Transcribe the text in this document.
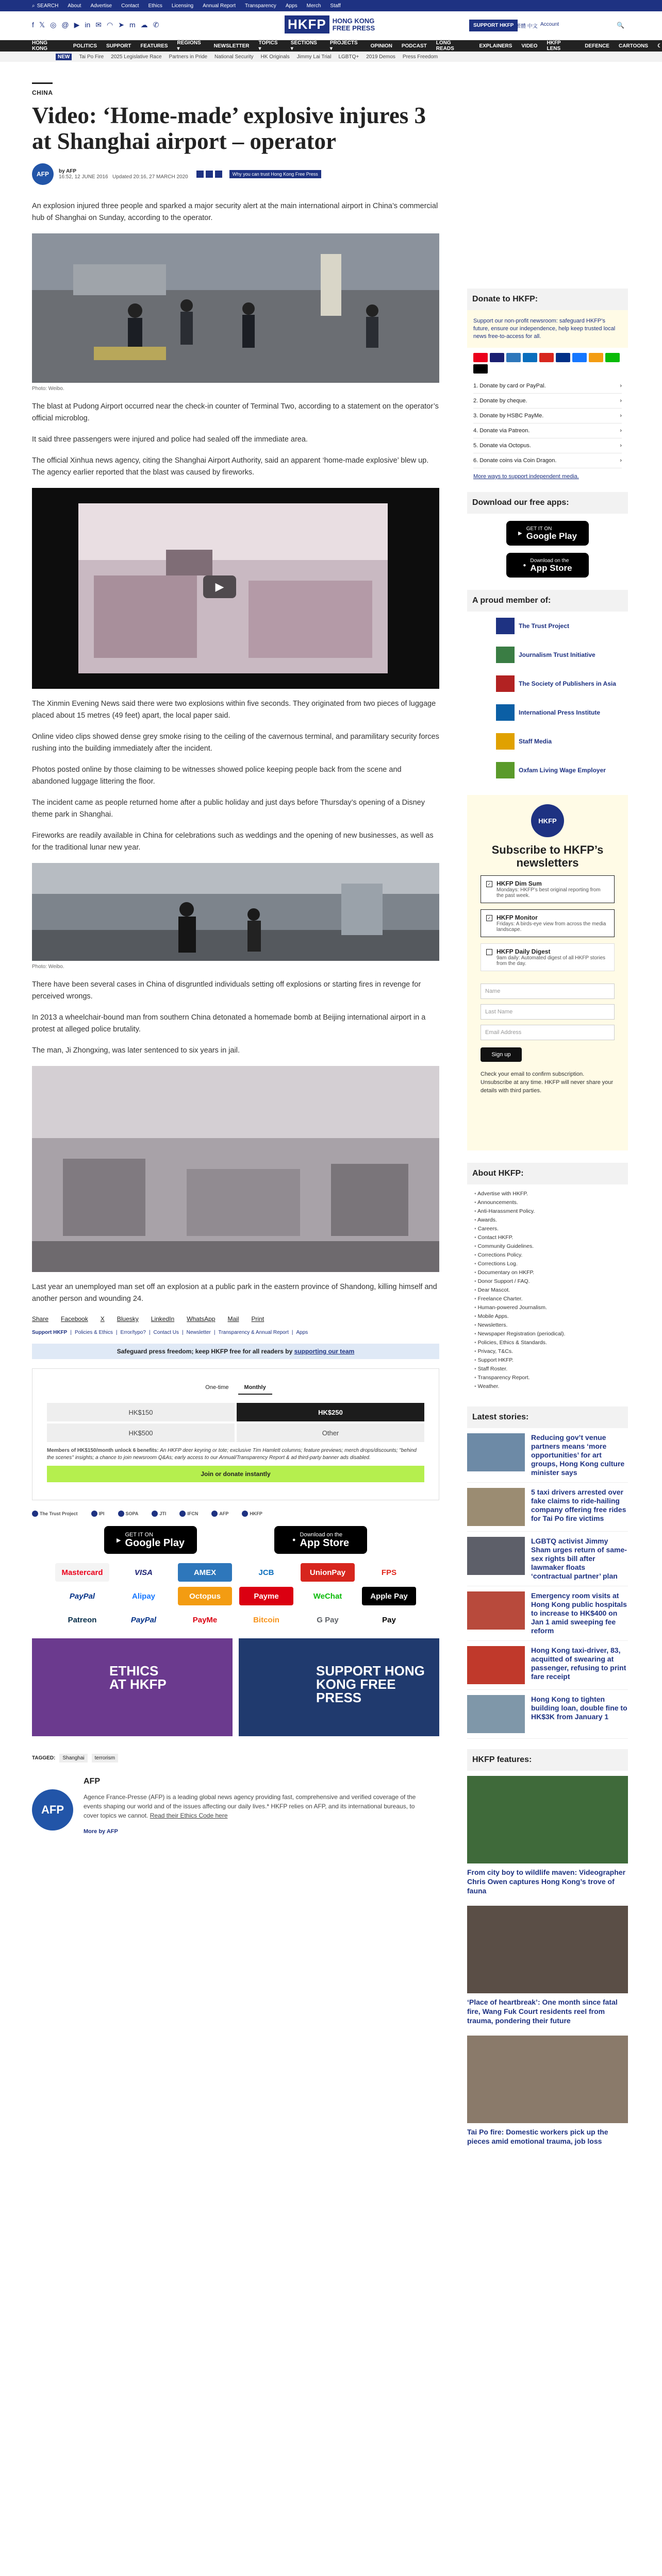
⌕ SEARCH About Advertise Contact Ethics Licensing Annual Report Transparency Apps Merch Staff
f 𝕏 ◎ @ ▶ in ✉ ◠ ➤ m ☁ ✆	HKFP HONG KONG
FREE PRESS	SUPPORT HKFP 繁體 中文 Account	🔍
HONG KONG	POLITICS SUPPORT FEATURES REGIONS ▾	NEWSLETTER TOPICS ▾
SECTIONS ▾
PROJECTS ▾	OPINION PODCAST LONG READS	EXPLAINERS VIDEO HKFP LENS	DEFENCE CARTOONS ☾
NEW	Tai Po Fire 2025 Legislative Race Partners in Pride National Security HK Originals Jimmy Lai Trial LGBTQ+ 2019 Demos Press Freedom
CHINA
Video: ‘Home-made’ explosive injures 3 at Shanghai airport – operator
AFP	by AFP
16:52, 12 JUNE 2016 Updated 20:16, 27 MARCH 2020	Why you can trust Hong Kong Free Press

An explosion injured three people and sparked a major security alert at the main international airport in China’s commercial hub of Shanghai on Sunday, according to the operator.

Photo: Weibo.

The blast at Pudong Airport occurred near the check-in counter of Terminal Two, according to a statement on the operator’s official microblog.

It said three passengers were injured and police had sealed off the immediate area.

The official Xinhua news agency, citing the Shanghai Airport Authority, said an apparent ‘home-made explosive’ blew up. The agency earlier reported that the blast was caused by fireworks.

▶

The Xinmin Evening News said there were two explosions within five seconds. They originated from two pieces of luggage placed about 15 metres (49 feet) apart, the local paper said.

Online video clips showed dense grey smoke rising to the ceiling of the cavernous terminal, and paramilitary security forces rushing into the building immediately after the incident.

Photos posted online by those claiming to be witnesses showed police keeping people back from the scene and abandoned luggage littering the floor.

The incident came as people returned home after a public holiday and just days before Thursday’s opening of a Disney theme park in Shanghai.

Fireworks are readily available in China for celebrations such as weddings and the opening of new businesses, as well as for the traditional lunar new year.

Photo: Weibo.

There have been several cases in China of disgruntled individuals setting off explosions or starting fires in revenge for perceived wrongs.

In 2013 a wheelchair-bound man from southern China detonated a homemade bomb at Beijing international airport in a protest at alleged police brutality.

The man, Ji Zhongxing, was later sentenced to six years in jail.

Last year an unemployed man set off an explosion at a public park in the eastern province of Shandong, killing himself and another person and wounding 24.

Share Facebook X Bluesky LinkedIn WhatsApp Mail Print
Support HKFP | Policies & Ethics | Error/typo? | Contact Us | Newsletter | Transparency & Annual Report | Apps
Safeguard press freedom; keep HKFP free for all readers by supporting our team
One-time	Monthly
HK$150	HK$250
HK$500	Other
Members of HK$150/month unlock 6 benefits: An HKFP deer keyring or tote; exclusive Tim Hamlett columns; feature previews; merch drops/discounts; "behind the scenes" insights; a chance to join newsroom Q&As; early access to our Annual/Transparency Report & ad third-party banner ads disabled.
Join or donate instantly
The Trust Project	IPI	SOPA	JTI	IFCN	AFP	HKFP
▶
GET IT ON
Google Play	●
Download on the
App Store
Mastercard	VISA	AMEX	JCB	UnionPay	FPS
PayPal	Alipay	Octopus	Payme	WeChat	Apple Pay
Patreon	PayPal	PayMe	Bitcoin	G Pay	Pay
ETHICS
AT HKFP
SUPPORT HONG
KONG FREE PRESS
TAGGED:	Shanghai	terrorism
AFP
AFP
Agence France-Presse (AFP) is a leading global news agency providing fast, comprehensive and verified coverage of the events shaping our world and of the issues affecting our daily lives.* HKFP relies on AFP, and its international bureaus, to cover topics we cannot. Read their Ethics Code here
More by AFP
Donate to HKFP:
Support our non-profit newsroom: safeguard HKFP’s future, ensure our independence, help keep trusted local news free-to-access for all.
1. Donate by card or PayPal.	›
2. Donate by cheque.	›
3. Donate by HSBC PayMe.	›
4. Donate via Patreon.	›
5. Donate via Octopus.	›
6. Donate coins via Coin Dragon.	›
More ways to support independent media.
Download our free apps:
▶
GET IT ON
Google Play
●
Download on the
App Store
A proud member of:
The Trust Project
Journalism Trust Initiative
The Society of Publishers in Asia
International Press Institute
Staff Media
Oxfam Living Wage Employer
HKFP
Subscribe to HKFP’s newsletters
✓ HKFP Dim Sum
Mondays: HKFP’s best original reporting from the past week.
✓ HKFP Monitor
Fridays: A birds-eye view from across the media landscape.
HKFP Daily Digest
9am daily: Automated digest of all HKFP stories from the day.
Name
Last Name
Email Address
Sign up
Check your email to confirm subscription. Unsubscribe at any time. HKFP will never share your details with third parties.
About HKFP:
• Advertise with HKFP.
• Announcements.
• Anti-Harassment Policy.
• Awards.
• Careers.
• Contact HKFP.
• Community Guidelines.
• Corrections Policy.
• Corrections Log.
• Documentary on HKFP.
• Donor Support / FAQ.
• Dear Mascot.
• Freelance Charter.
• Human-powered Journalism.
• Mobile Apps.
• Newsletters.
• Newspaper Registration (periodical).
• Policies, Ethics & Standards.
• Privacy, T&Cs.
• Support HKFP.
• Staff Roster.
• Transparency Report.
• Weather.
Latest stories:
Reducing gov’t venue partners means ‘more opportunities’ for art groups, Hong Kong culture minister says
5 taxi drivers arrested over fake claims to ride-hailing company offering free rides for Tai Po fire victims
LGBTQ activist Jimmy Sham urges return of same-sex rights bill after lawmaker floats ‘contractual partner’ plan
Emergency room visits at Hong Kong public hospitals to increase to HK$400 on Jan 1 amid sweeping fee reform
Hong Kong taxi-driver, 83, acquitted of swearing at passenger, refusing to print fare receipt
Hong Kong to tighten building loan, double fine to HK$3K from January 1
HKFP features:
From city boy to wildlife maven: Videographer Chris Owen captures Hong Kong’s trove of fauna
‘Place of heartbreak’: One month since fatal fire, Wang Fuk Court residents reel from trauma, pondering their future
Tai Po fire: Domestic workers pick up the pieces amid emotional trauma, job loss
